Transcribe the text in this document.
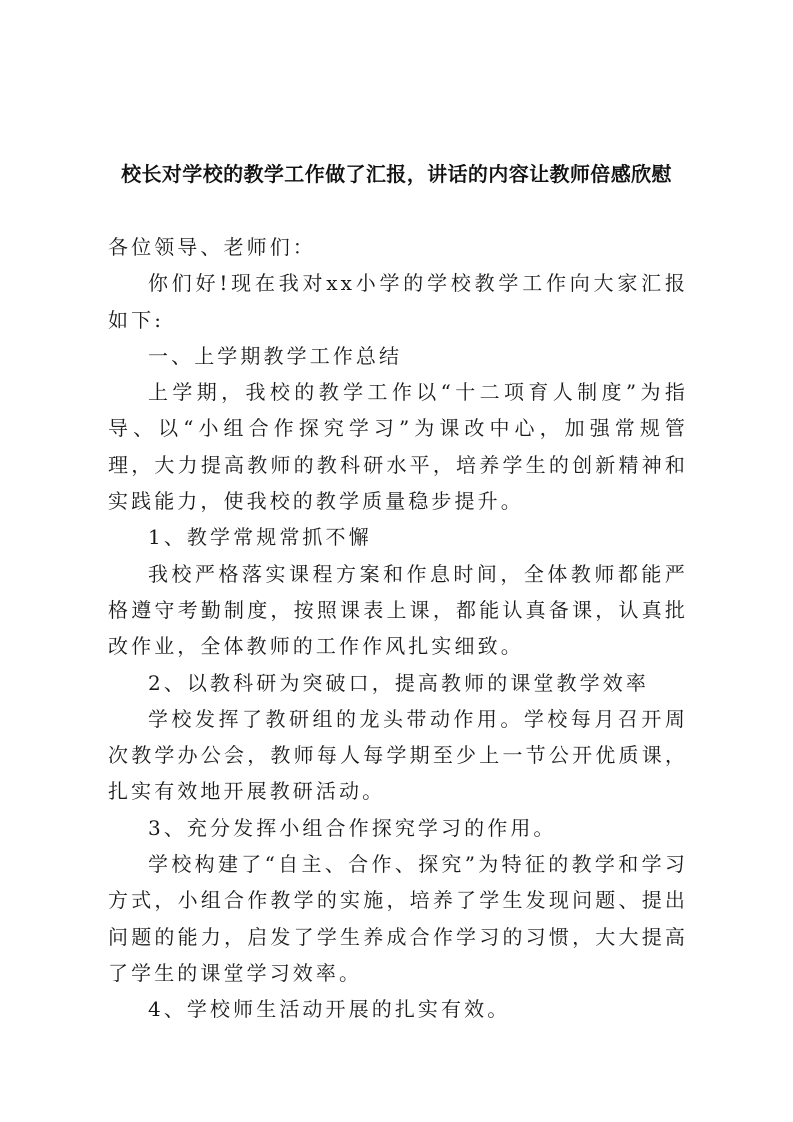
校长对学校的教学工作做了汇报，讲话的内容让教师倍感欣慰

各位领导、老师们：

你们好!现在我对xx小学的学校教学工作向大家汇报如下:

一、上学期教学工作总结

上学期，我校的教学工作以“十二项育人制度”为指导、以“小组合作探究学习”为课改中心，加强常规管理，大力提高教师的教科研水平，培养学生的创新精神和实践能力，使我校的教学质量稳步提升。

1、教学常规常抓不懈

我校严格落实课程方案和作息时间，全体教师都能严格遵守考勤制度，按照课表上课，都能认真备课，认真批改作业，全体教师的工作作风扎实细致。

2、以教科研为突破口，提高教师的课堂教学效率

学校发挥了教研组的龙头带动作用。学校每月召开周次教学办公会，教师每人每学期至少上一节公开优质课，扎实有效地开展教研活动。

3、充分发挥小组合作探究学习的作用。

学校构建了“自主、合作、探究”为特征的教学和学习方式，小组合作教学的实施，培养了学生发现问题、提出问题的能力，启发了学生养成合作学习的习惯，大大提高了学生的课堂学习效率。

4、学校师生活动开展的扎实有效。
